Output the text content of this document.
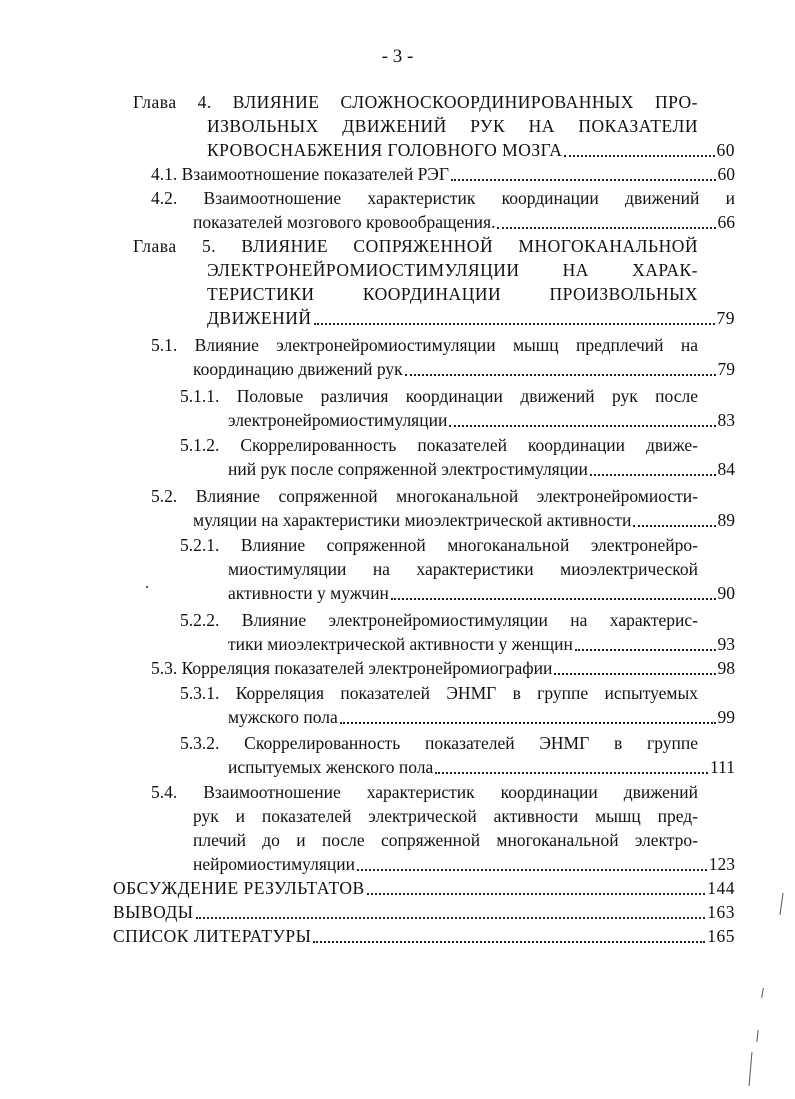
- 3 -
Глава 4. ВЛИЯНИЕ СЛОЖНОСКООРДИНИРОВАННЫХ ПРО-
ИЗВОЛЬНЫХ ДВИЖЕНИЙ РУК НА ПОКАЗАТЕЛИ
КРОВОСНАБЖЕНИЯ ГОЛОВНОГО МОЗГА	60
4.1. Взаимоотношение показателей РЭГ	60
4.2. Взаимоотношение характеристик координации движений и
показателей мозгового кровообращения.	66
Глава 5. ВЛИЯНИЕ СОПРЯЖЕННОЙ МНОГОКАНАЛЬНОЙ
ЭЛЕКТРОНЕЙРОМИОСТИМУЛЯЦИИ НА ХАРАК-
ТЕРИСТИКИ КООРДИНАЦИИ ПРОИЗВОЛЬНЫХ
ДВИЖЕНИЙ	79
5.1. Влияние электронейромиостимуляции мышц предплечий на
координацию движений рук	79
5.1.1. Половые различия координации движений рук после
электронейромиостимуляции	83
5.1.2. Скоррелированность показателей координации движе-
ний рук после сопряженной электростимуляции	84
5.2. Влияние сопряженной многоканальной электронейромиости-
муляции на характеристики миоэлектрической активности	89
5.2.1. Влияние сопряженной многоканальной электронейро-
миостимуляции на характеристики миоэлектрической
активности у мужчин	90
5.2.2. Влияние электронейромиостимуляции на характерис-
тики миоэлектрической активности у женщин	93
5.3. Корреляция показателей электронейромиографии	98
5.3.1. Корреляция показателей ЭНМГ в группе испытуемых
мужского пола	99
5.3.2. Скоррелированность показателей ЭНМГ в группе
испытуемых женского пола	111
5.4. Взаимоотношение характеристик координации движений
рук и показателей электрической активности мышц пред-
плечий до и после сопряженной многоканальной электро-
нейромиостимуляции	123
ОБСУЖДЕНИЕ РЕЗУЛЬТАТОВ	144
ВЫВОДЫ	163
СПИСОК ЛИТЕРАТУРЫ	165
